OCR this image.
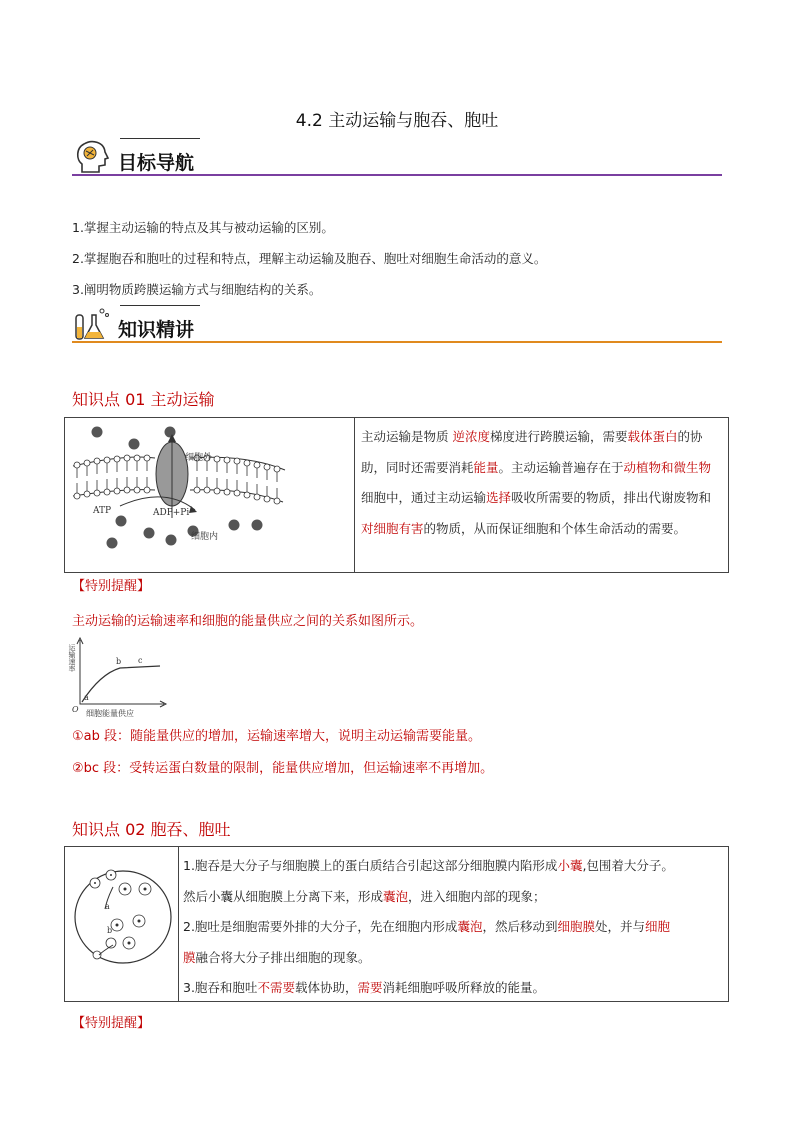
4.2 主动运输与胞吞、胞吐
目标导航
1.掌握主动运输的特点及其与被动运输的区别。
2.掌握胞吞和胞吐的过程和特点，理解主动运输及胞吞、胞吐对细胞生命活动的意义。
3.阐明物质跨膜运输方式与细胞结构的关系。
知识精讲
知识点 01 主动运输
细胞外
ATP	ADP+Pi
细胞内
主动运输是物质 逆浓度梯度进行跨膜运输，需要载体蛋白的协助，同时还需要消耗能量。主动运输普遍存在于动植物和微生物细胞中，通过主动运输选择吸收所需要的物质，排出代谢废物和对细胞有害的物质，从而保证细胞和个体生命活动的需要。
【特别提醒】
主动运输的运输速率和细胞的能量供应之间的关系如图所示。
运输速率
细胞能量供应
O
a
b c
①ab 段：随能量供应的增加，运输速率增大，说明主动运输需要能量。
②bc 段：受转运蛋白数量的限制，能量供应增加，但运输速率不再增加。
知识点 02 胞吞、胞吐
a
b
1.胞吞是大分子与细胞膜上的蛋白质结合引起这部分细胞膜内陷形成小囊,包围着大分子。
然后小囊从细胞膜上分离下来，形成囊泡，进入细胞内部的现象；
2.胞吐是细胞需要外排的大分子，先在细胞内形成囊泡，然后移动到细胞膜处，并与细胞
膜融合将大分子排出细胞的现象。
3.胞吞和胞吐不需要载体协助，需要消耗细胞呼吸所释放的能量。
【特别提醒】
